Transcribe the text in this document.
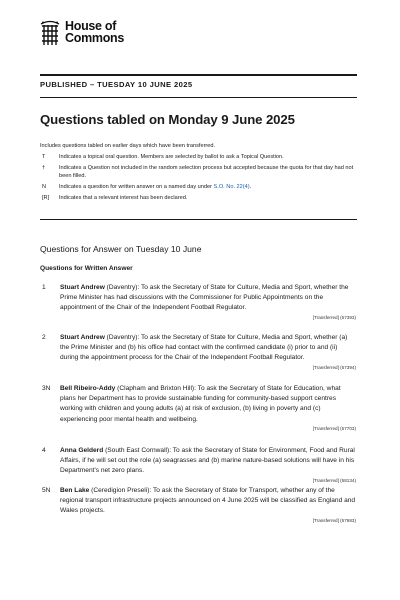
House of
Commons
PUBLISHED – TUESDAY 10 JUNE 2025
Questions tabled on Monday 9 June 2025
Includes questions tabled on earlier days which have been transferred.
T	Indicates a topical oral question. Members are selected by ballot to ask a Topical Question.
†	Indicates a Question not included in the random selection process but accepted because the quota for that day had not been filled.
N	Indicates a question for written answer on a named day under S.O. No. 22(4).
[R]	Indicates that a relevant interest has been declared.
Questions for Answer on Tuesday 10 June
Questions for Written Answer
1 Stuart Andrew (Daventry): To ask the Secretary of State for Culture, Media and Sport, whether the Prime Minister has had discussions with the Commissioner for Public Appointments on the appointment of the Chair of the Independent Football Regulator.
[Transferred] (57393)
2 Stuart Andrew (Daventry): To ask the Secretary of State for Culture, Media and Sport, whether (a) the Prime Minister and (b) his office had contact with the confirmed candidate (i) prior to and (ii) during the appointment process for the Chair of the Independent Football Regulator.
[Transferred] (57394)
3N Bell Ribeiro-Addy (Clapham and Brixton Hill): To ask the Secretary of State for Education, what plans her Department has to provide sustainable funding for community-based support centres working with children and young adults (a) at risk of exclusion, (b) living in poverty and (c) experiencing poor mental health and wellbeing.
[Transferred] (57703)
4 Anna Gelderd (South East Cornwall): To ask the Secretary of State for Environment, Food and Rural Affairs, if he will set out the role (a) seagrasses and (b) marine nature-based solutions will have in his Department's net zero plans.
[Transferred] (58134)
5N Ben Lake (Ceredigion Preseli): To ask the Secretary of State for Transport, whether any of the regional transport infrastructure projects announced on 4 June 2025 will be classified as England and Wales projects.
[Transferred] (57683)
